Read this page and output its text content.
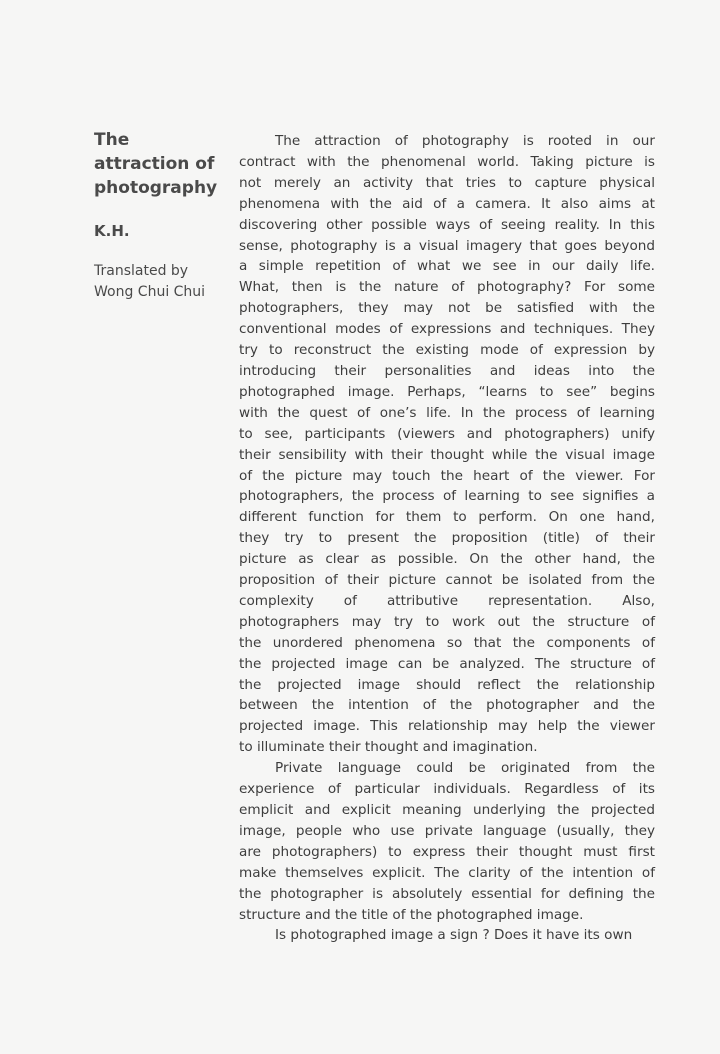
The
attraction of
photography
K.H.
Translated by
Wong Chui Chui
The attraction of photography is rooted in our
contract with the phenomenal world. Taking picture is
not merely an activity that tries to capture physical
phenomena with the aid of a camera. It also aims at
discovering other possible ways of seeing reality. In this
sense, photography is a visual imagery that goes beyond
a simple repetition of what we see in our daily life.
What, then is the nature of photography? For some
photographers, they may not be satisfied with the
conventional modes of expressions and techniques. They
try to reconstruct the existing mode of expression by
introducing their personalities and ideas into the
photographed image. Perhaps, “learns to see” begins
with the quest of one’s life. In the process of learning
to see, participants (viewers and photographers) unify
their sensibility with their thought while the visual image
of the picture may touch the heart of the viewer. For
photographers, the process of learning to see signifies a
different function for them to perform. On one hand,
they try to present the proposition (title) of their
picture as clear as possible. On the other hand, the
proposition of their picture cannot be isolated from the
complexity of attributive representation. Also,
photographers may try to work out the structure of
the unordered phenomena so that the components of
the projected image can be analyzed. The structure of
the projected image should reflect the relationship
between the intention of the photographer and the
projected image. This relationship may help the viewer
to illuminate their thought and imagination.
Private language could be originated from the
experience of particular individuals. Regardless of its
emplicit and explicit meaning underlying the projected
image, people who use private language (usually, they
are photographers) to express their thought must first
make themselves explicit. The clarity of the intention of
the photographer is absolutely essential for defining the
structure and the title of the photographed image.
Is photographed image a sign ? Does it have its own
